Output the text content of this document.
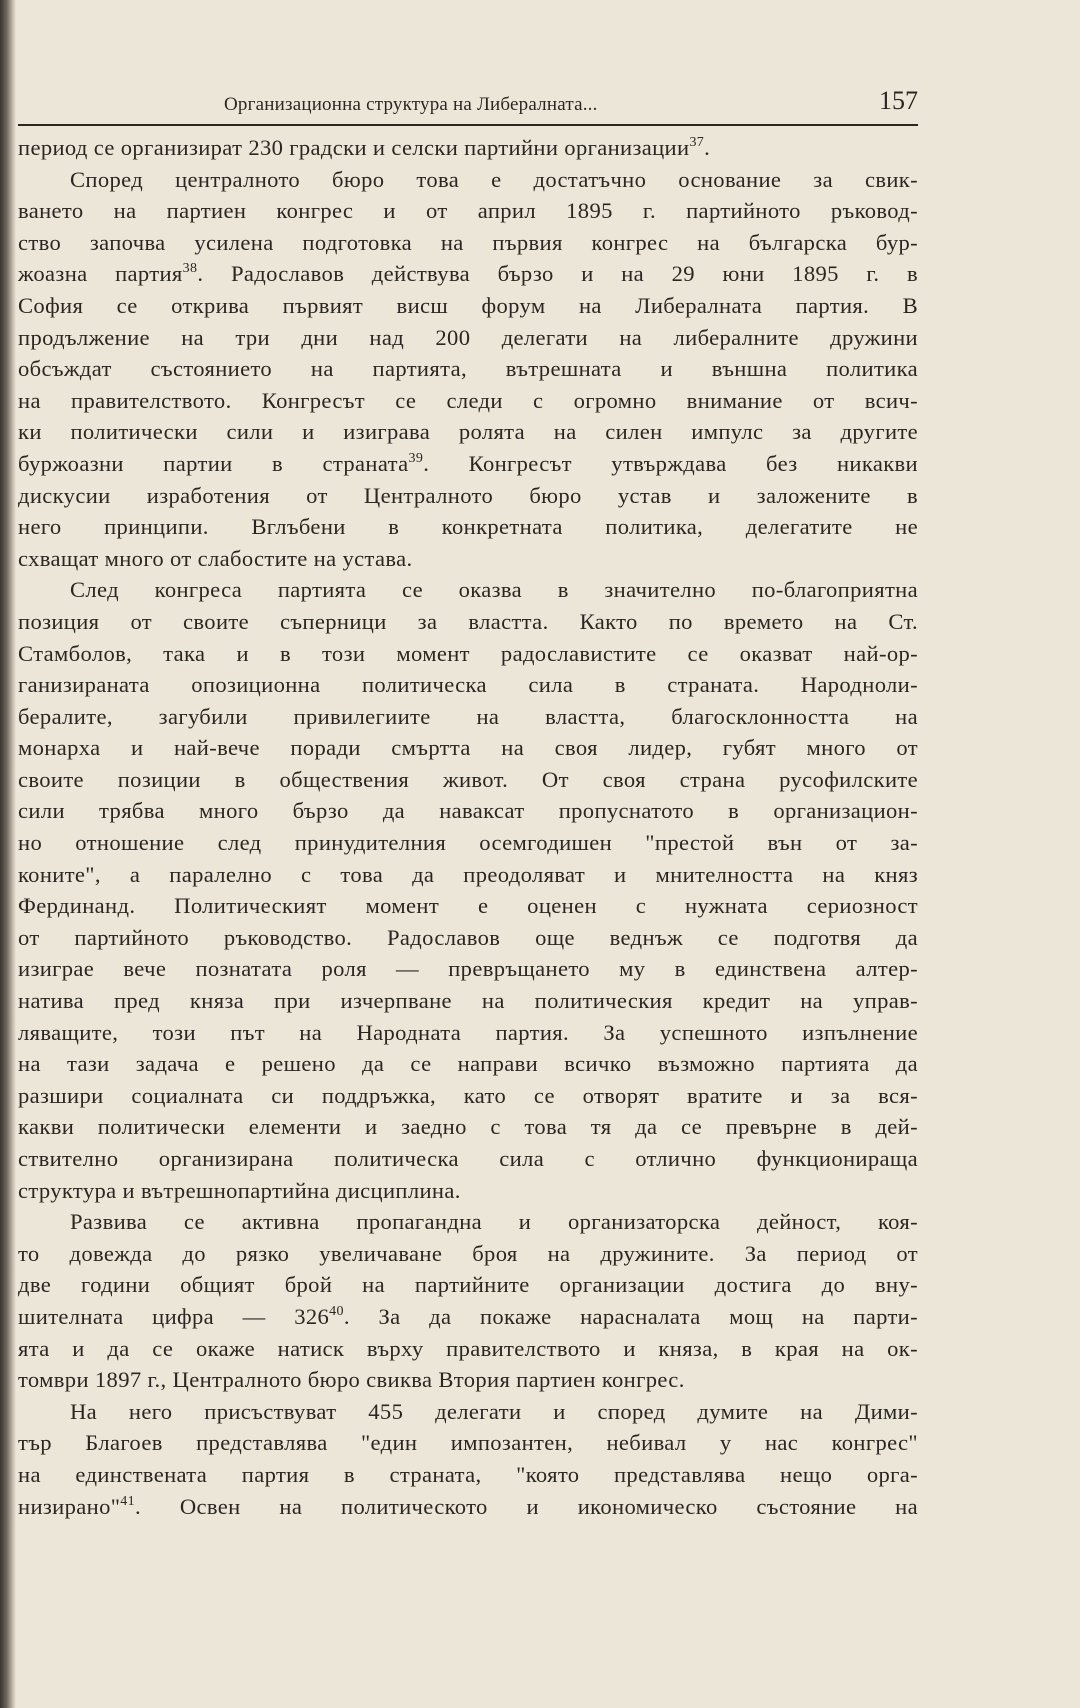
Организационна структура на Либералната...	157
период се организират 230 градски и селски партийни организации$^{37}$.
Според централното бюро това е достатъчно основание за свик-
ването на партиен конгрес и от април 1895 г. партийното ръковод-
ство започва усилена подготовка на първия конгрес на българска бур-
жоазна партия$^{38}$. Радославов действува бързо и на 29 юни 1895 г. в
София се открива първият висш форум на Либералната партия. В
продължение на три дни над 200 делегати на либералните дружини
обсъждат състоянието на партията, вътрешната и външна политика
на правителството. Конгресът се следи с огромно внимание от всич-
ки политически сили и изиграва ролята на силен импулс за другите
буржоазни партии в страната$^{39}$. Конгресът утвърждава без никакви
дискусии изработения от Централното бюро устав и заложените в
него принципи. Вглъбени в конкретната политика, делегатите не
схващат много от слабостите на устава.
След конгреса партията се оказва в значително по-благоприятна
позиция от своите съперници за властта. Както по времето на Ст.
Стамболов, така и в този момент радославистите се оказват най-ор-
ганизираната опозиционна политическа сила в страната. Народноли-
бералите, загубили привилегиите на властта, благосклонността на
монарха и най-вече поради смъртта на своя лидер, губят много от
своите позиции в обществения живот. От своя страна русофилските
сили трябва много бързо да наваксат пропуснатото в организацион-
но отношение след принудителния осемгодишен "престой вън от за-
коните", а паралелно с това да преодоляват и мнителността на княз
Фердинанд. Политическият момент е оценен с нужната сериозност
от партийното ръководство. Радославов още веднъж се подготвя да
изиграе вече познатата роля — превръщането му в единствена алтер-
натива пред княза при изчерпване на политическия кредит на управ-
ляващите, този път на Народната партия. За успешното изпълнение
на тази задача е решено да се направи всичко възможно партията да
разшири социалната си поддръжка, като се отворят вратите и за вся-
какви политически елементи и заедно с това тя да се превърне в дей-
ствително организирана политическа сила с отлично функционираща
структура и вътрешнопартийна дисциплина.
Развива се активна пропагандна и организаторска дейност, коя-
то довежда до рязко увеличаване броя на дружините. За период от
две години общият брой на партийните организации достига до вну-
шителната цифра — $326^{40}$. За да покаже нарасналата мощ на парти-
ята и да се окаже натиск върху правителството и княза, в края на ок-
томври 1897 г., Централното бюро свиква Втория партиен конгрес.
На него присъствуват 455 делегати и според думите на Дими-
тър Благоев представлява "един импозантен, небивал у нас конгрес"
на единствената партия в страната, "която представлява нещо орга-
низирано"$^{41}$. Освен на политическото и икономическо състояние на
